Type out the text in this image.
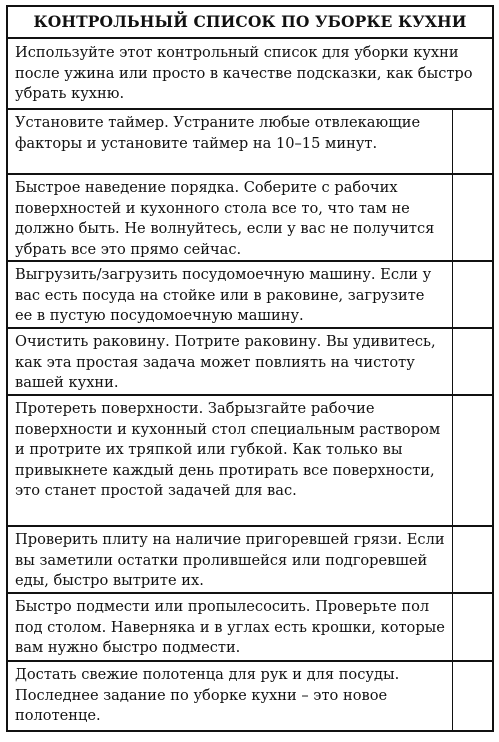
КОНТРОЛЬНЫЙ СПИСОК ПО УБОРКЕ КУХНИ
Используйте этот контрольный список для уборки кухни после ужина или просто в качестве подсказки, как быстро убрать кухню.
Установите таймер. Устраните любые отвлекающие факторы и установите таймер на 10–15 минут.
Быстрое наведение порядка. Соберите с рабочих поверхностей и кухонного стола все то, что там не должно быть. Не волнуйтесь, если у вас не получится убрать все это прямо сейчас.
Выгрузить/загрузить посудомоечную машину. Если у вас есть посуда на стойке или в раковине, загрузите ее в пустую посудомоечную машину.
Очистить раковину. Потрите раковину. Вы удивитесь, как эта простая задача может повлиять на чистоту вашей кухни.
Протереть поверхности. Забрызгайте рабочие поверхности и кухонный стол специальным раствором и протрите их тряпкой или губкой. Как только вы привыкнете каждый день протирать все поверхности, это станет простой задачей для вас.
Проверить плиту на наличие пригоревшей грязи. Если вы заметили остатки пролившейся или подгоревшей еды, быстро вытрите их.
Быстро подмести или пропылесосить. Проверьте пол под столом. Наверняка и в углах есть крошки, которые вам нужно быстро подмести.
Достать свежие полотенца для рук и для посуды. Последнее задание по уборке кухни – это новое полотенце.
